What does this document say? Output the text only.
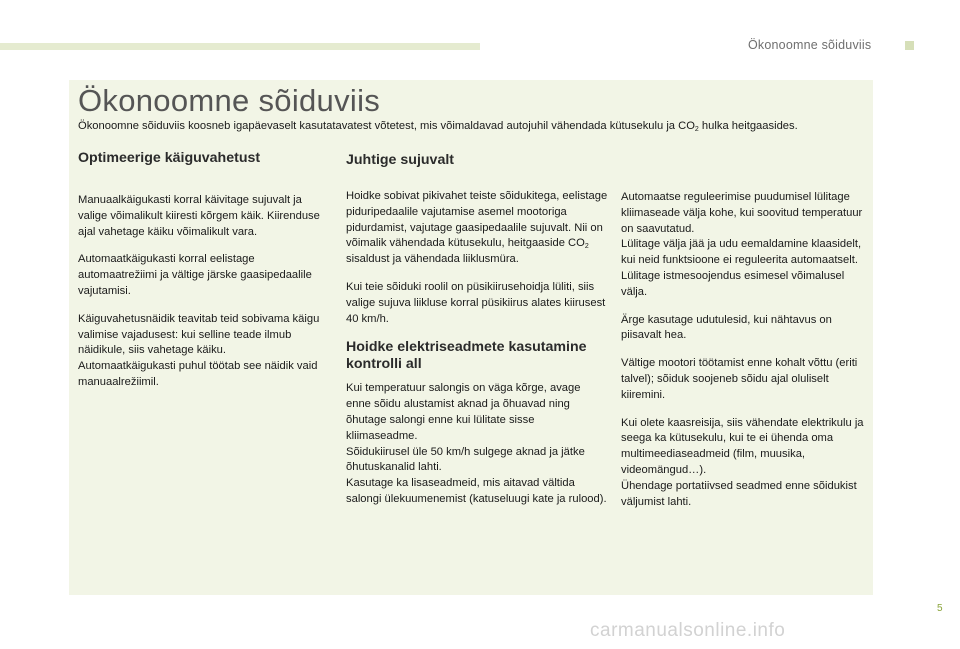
Ökonoomne sõiduviis
Ökonoomne sõiduviis

Ökonoomne sõiduviis koosneb igapäevaselt kasutatavatest võtetest, mis võimaldavad autojuhil vähendada kütusekulu ja $CO_2$ hulka heitgaasides.

Optimeerige käiguvahetust

Manuaalkäigukasti korral käivitage sujuvalt ja valige võimalikult kiiresti kõrgem käik. Kiirenduse ajal vahetage käiku võimalikult vara.

Automaatkäigukasti korral eelistage automaatrežiimi ja vältige järske gaasipedaalile vajutamisi.

Käiguvahetusnäidik teavitab teid sobivama käigu valimise vajadusest: kui selline teade ilmub näidikule, siis vahetage käiku. Automaatkäigukasti puhul töötab see näidik vaid manuaalrežiimil.

Juhtige sujuvalt

Hoidke sobivat pikivahet teiste sõidukitega, eelistage piduripedaalile vajutamise asemel mootoriga pidurdamist, vajutage gaasipedaalile sujuvalt. Nii on võimalik vähendada kütusekulu, heitgaaside $CO_2$ sisaldust ja vähendada liiklusmüra.

Kui teie sõiduki roolil on püsikiirusehoidja lüliti, siis valige sujuva liikluse korral püsikiirus alates kiirusest 40 km/h.

Hoidke elektriseadmete kasutamine kontrolli all

Kui temperatuur salongis on väga kõrge, avage enne sõidu alustamist aknad ja õhuavad ning õhutage salongi enne kui lülitate sisse kliimaseadme.
Sõidukiirusel üle 50 km/h sulgege aknad ja jätke õhutuskanalid lahti.
Kasutage ka lisaseadmeid, mis aitavad vältida salongi ülekuumenemist (katuseluugi kate ja rulood).

Automaatse reguleerimise puudumisel lülitage kliimaseade välja kohe, kui soovitud temperatuur on saavutatud.
Lülitage välja jää ja udu eemaldamine klaasidelt, kui neid funktsioone ei reguleerita automaatselt.
Lülitage istmesoojendus esimesel võimalusel välja.

Ärge kasutage udutulesid, kui nähtavus on piisavalt hea.

Vältige mootori töötamist enne kohalt võttu (eriti talvel); sõiduk soojeneb sõidu ajal oluliselt kiiremini.

Kui olete kaasreisija, siis vähendate elektrikulu ja seega ka kütusekulu, kui te ei ühenda oma multimeediaseadmeid (film, muusika, videomängud…).
Ühendage portatiivsed seadmed enne sõidukist väljumist lahti.

5
carmanualsonline.info
